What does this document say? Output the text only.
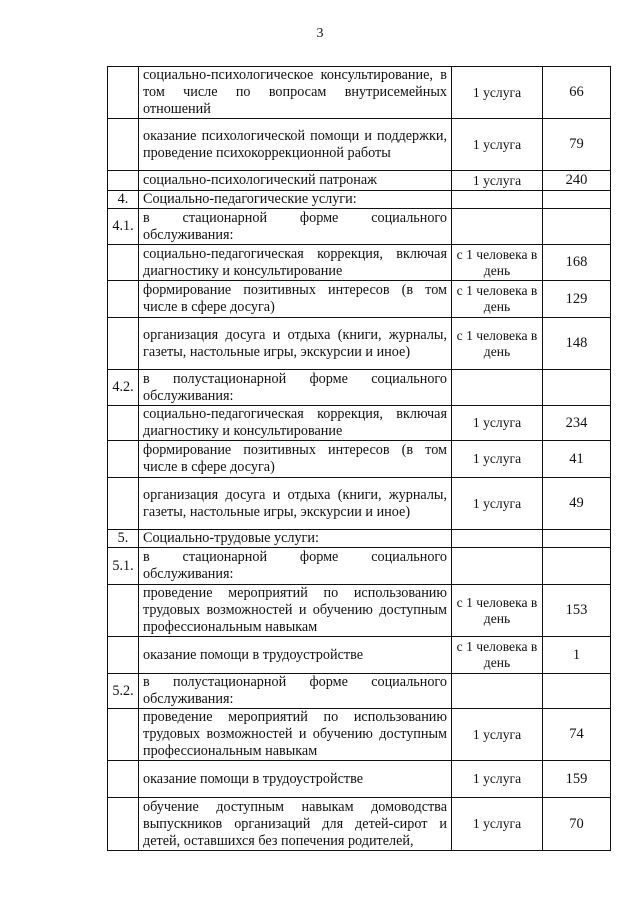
3
	социально-психологическое консультирование, в том числе по вопросам внутрисемейных отношений	1 услуга	66
	оказание психологической помощи и поддержки, проведение психокоррекционной работы	1 услуга	79
	социально-психологический патронаж	1 услуга	240
4.	Социально-педагогические услуги:		
4.1.	в стационарной форме социального обслуживания:		
	социально-педагогическая коррекция, включая диагностику и консультирование	с 1 человека в день	168
	формирование позитивных интересов (в том числе в сфере досуга)	с 1 человека в день	129
	организация досуга и отдыха (книги, журналы, газеты, настольные игры, экскурсии и иное)	с 1 человека в день	148
4.2.	в полустационарной форме социального обслуживания:		
	социально-педагогическая коррекция, включая диагностику и консультирование	1 услуга	234
	формирование позитивных интересов (в том числе в сфере досуга)	1 услуга	41
	организация досуга и отдыха (книги, журналы, газеты, настольные игры, экскурсии и иное)	1 услуга	49
5.	Социально-трудовые услуги:		
5.1.	в стационарной форме социального обслуживания:		
	проведение мероприятий по использованию трудовых возможностей и обучению доступным профессиональным навыкам	с 1 человека в день	153
	оказание помощи в трудоустройстве	с 1 человека в день	1
5.2.	в полустационарной форме социального обслуживания:		
	проведение мероприятий по использованию трудовых возможностей и обучению доступным профессиональным навыкам	1 услуга	74
	оказание помощи в трудоустройстве	1 услуга	159
	обучение доступным навыкам домоводства выпускников организаций для детей-сирот и детей, оставшихся без попечения родителей,	1 услуга	70
